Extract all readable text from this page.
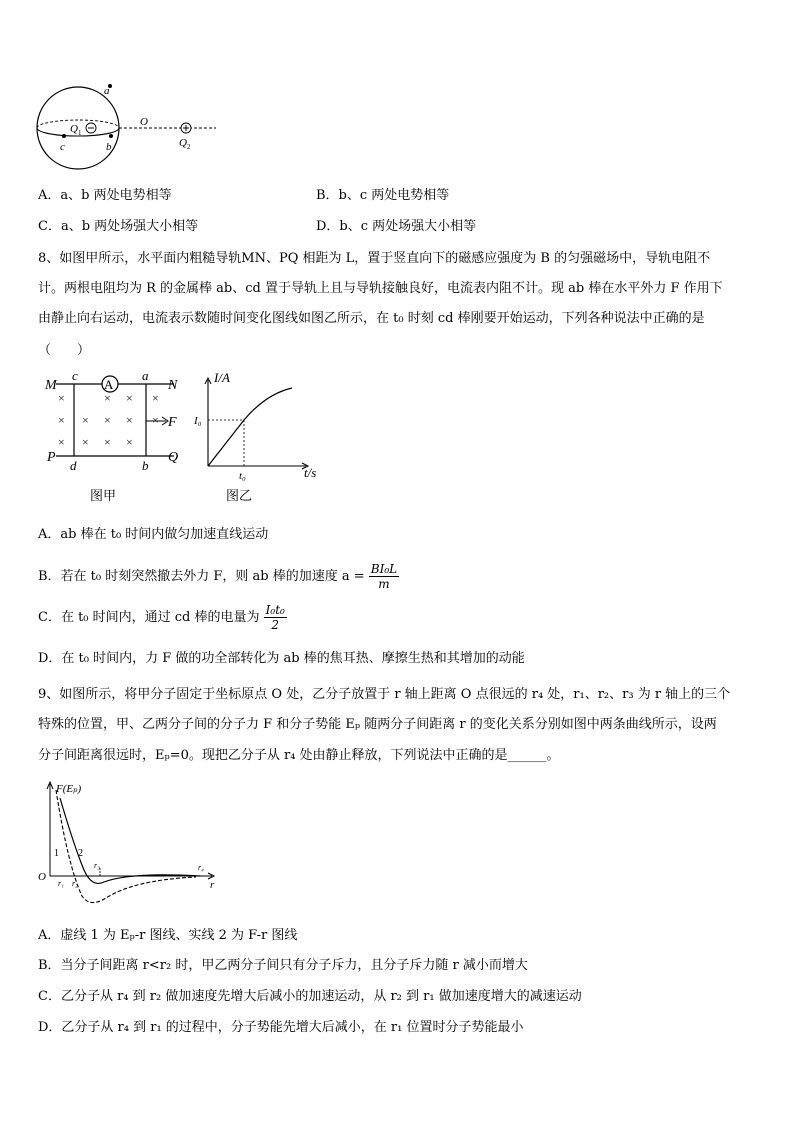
a
O
Q 1
c	b	Q 2
A．a、b 两处电势相等	B．b、c 两处电势相等
C．a、b 两处场强大小相等	D．b、c 两处场强大小相等
8、如图甲所示，水平面内粗糙导轨MN、PQ 相距为 L，置于竖直向下的磁感应强度为 B 的匀强磁场中，导轨电阻不
计。两根电阻均为 R 的金属棒 ab、cd 置于导轨上且与导轨接触良好，电流表内阻不计。现 ab 棒在水平外力 F 作用下
由静止向右运动，电流表示数随时间变化图线如图乙所示，在 t₀ 时刻 cd 棒刚要开始运动，下列各种说法中正确的是
（　　）
A
×
×
×
×
×
×
×
×
×
×
×
×
×
M
c	a
N
F
P
d	b
Q
图甲
I/A
t/s
I₀
t₀
图乙
A．ab 棒在 t₀ 时间内做匀加速直线运动
B．若在 t₀ 时刻突然撤去外力 F，则 ab 棒的加速度 $a = \frac{\text{BI₀L}}{m}$
C．在 t₀ 时间内，通过 cd 棒的电量为 $\frac{\text{I₀t₀}}{2}$
D．在 t₀ 时间内，力 F 做的功全部转化为 ab 棒的焦耳热、摩擦生热和其增加的动能
9、如图所示，将甲分子固定于坐标原点 O 处，乙分子放置于 r 轴上距离 O 点很远的 r₄ 处，r₁、r₂、r₃ 为 r 轴上的三个
特殊的位置，甲、乙两分子间的分子力 F 和分子势能 Eₚ 随两分子间距离 r 的变化关系分别如图中两条曲线所示，设两
分子间距离很远时，Eₚ=0。现把乙分子从 r₄ 处由静止释放，下列说法中正确的是______。
F(Eₚ)
O
r
1 2
r₁ r₂
r₃	r₄
A．虚线 1 为 Eₚ-r 图线、实线 2 为 F-r 图线
B．当分子间距离 r<r₂ 时，甲乙两分子间只有分子斥力，且分子斥力随 r 减小而增大
C．乙分子从 r₄ 到 r₂ 做加速度先增大后减小的加速运动，从 r₂ 到 r₁ 做加速度增大的减速运动
D．乙分子从 r₄ 到 r₁ 的过程中，分子势能先增大后减小，在 r₁ 位置时分子势能最小
